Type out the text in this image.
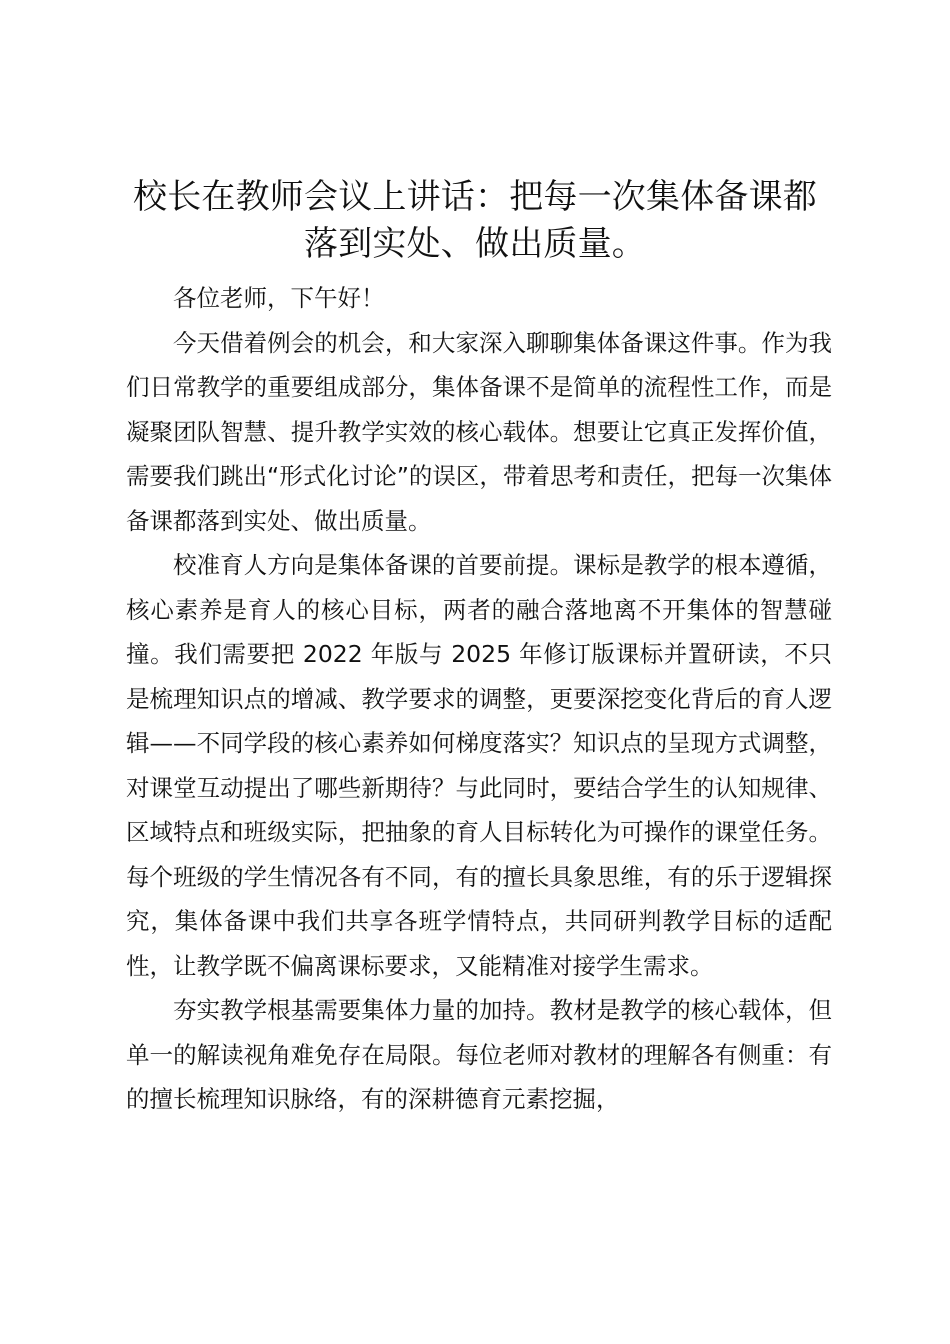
校长在教师会议上讲话：把每一次集体备课都落到实处、做出质量。

各位老师，下午好！

今天借着例会的机会，和大家深入聊聊集体备课这件事。作为我们日常教学的重要组成部分，集体备课不是简单的流程性工作，而是凝聚团队智慧、提升教学实效的核心载体。想要让它真正发挥价值，需要我们跳出“形式化讨论”的误区，带着思考和责任，把每一次集体备课都落到实处、做出质量。

校准育人方向是集体备课的首要前提。课标是教学的根本遵循，核心素养是育人的核心目标，两者的融合落地离不开集体的智慧碰撞。我们需要把 2022 年版与 2025 年修订版课标并置研读，不只是梳理知识点的增减、教学要求的调整，更要深挖变化背后的育人逻辑——不同学段的核心素养如何梯度落实？知识点的呈现方式调整，对课堂互动提出了哪些新期待？与此同时，要结合学生的认知规律、区域特点和班级实际，把抽象的育人目标转化为可操作的课堂任务。每个班级的学生情况各有不同，有的擅长具象思维，有的乐于逻辑探究，集体备课中我们共享各班学情特点，共同研判教学目标的适配性，让教学既不偏离课标要求，又能精准对接学生需求。

夯实教学根基需要集体力量的加持。教材是教学的核心载体，但单一的解读视角难免存在局限。每位老师对教材的理解各有侧重：有的擅长梳理知识脉络，有的深耕德育元素挖掘，
